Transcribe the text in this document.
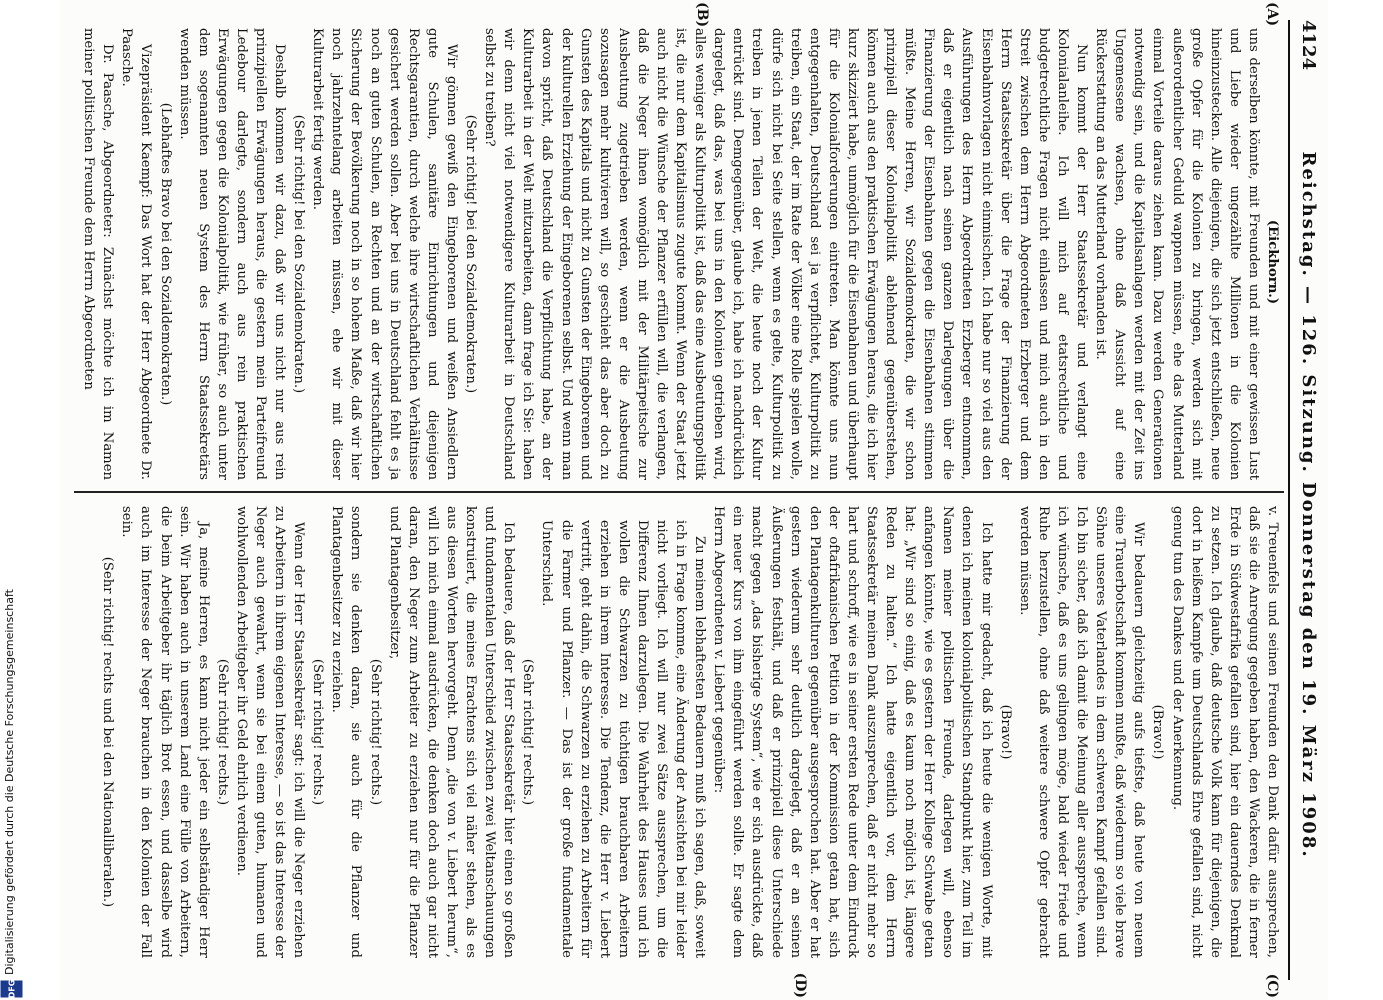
4124
Reichstag. — 126. Sitzung. Donnerstag den 19. März 1908.
(A)
(B)
(C)
(D)

(Eickhorn.)

uns derselben könnte, mit Freunden und mit einer gewissen Lust und Liebe wieder ungezählte Millionen in die Kolonien hineinzustecken. Alle diejenigen, die sich jetzt entschließen, neue große Opfer für die Kolonien zu bringen, werden sich mit außerordentlicher Geduld wappnen müssen, ehe das Mutterland einmal Vorteile daraus ziehen kann. Dazu werden Generationen notwendig sein, und die Kapitalsanlagen werden mit der Zeit ins Ungemessene wachsen, ohne daß Aussicht auf eine Rückerstattung an das Mutterland vorhanden ist.

Nun kommt der Herr Staatssekretär und verlangt eine Kolonialanleihe. Ich will mich auf etatsrechtliche und budgetrechtliche Fragen nicht einlassen und mich auch in den Streit zwischen dem Herrn Abgeordneten Erzberger und dem Herrn Staatssekretär über die Frage der Finanzierung der Eisenbahnvorlagen nicht einmischen. Ich habe nur so viel aus den Ausführungen des Herrn Abgeordneten Erzberger entnommen, daß er eigentlich nach seinen ganzen Darlegungen über die Finanzierung der Eisenbahnen gegen die Eisenbahnen stimmen müßte. Meine Herren, wir Sozialdemokraten, die wir schon prinzipiell dieser Kolonialpolitik ablehnend gegenüberstehen, können auch aus den praktischen Erwägungen heraus, die ich hier kurz skizziert habe, unmöglich für die Eisenbahnen und überhaupt für die Kolonialforderungen eintreten. Man könnte uns nun entgegenhalten, Deutschland sei ja verpflichtet, Kulturpolitik zu treiben, ein Staat, der im Rate der Völker eine Rolle spielen wolle, dürfe sich nicht bei Seite stellen, wenn es gelte, Kulturpolitik zu treiben in jenen Teilen der Welt, die heute noch der Kultur entrückt sind. Demgegenüber, glaube ich, habe ich nachdrücklich dargelegt, daß das, was bei uns in den Kolonien getrieben wird, alles weniger als Kulturpolitik ist, daß das eine Ausbeutungspolitik ist, die nur dem Kapitalismus zugute kommt. Wenn der Staat jetzt auch nicht die Wünsche der Pflanzer erfüllen will, die verlangen, daß die Neger ihnen womöglich mit der Militärpeitsche zur Ausbeutung zugetrieben werden, wenn er die Ausbeutung sozusagen mehr kultivieren will, so geschieht das aber doch zu Gunsten des Kapitals und nicht zu Gunsten der Eingeborenen und der kulturellen Erziehung der Eingeborenen selbst. Und wenn man davon spricht, daß Deutschland die Verpflichtung habe, an der Kulturarbeit in der Welt mitzuarbeiten, dann frage ich Sie: haben wir denn nicht viel notwendigere Kulturarbeit in Deutschland selbst zu treiben?

(Sehr richtig! bei den Sozialdemokraten.)

Wir gönnen gewiß den Eingeborenen und weißen Ansiedlern gute Schulen, sanitäre Einrichtungen und diejenigen Rechtsgarantien, durch welche ihre wirtschaftlichen Verhältnisse gesichert werden sollen. Aber bei uns in Deutschland fehlt es ja noch an guten Schulen, an Rechten und an der wirtschaftlichen Sicherung der Bevölkerung noch in so hohem Maße, daß wir hier noch jahrzehntelang arbeiten müssen, ehe wir mit dieser Kulturarbeit fertig werden.

(Sehr richtig! bei den Sozialdemokraten.)

Deshalb kommen wir dazu, daß wir uns nicht nur aus rein prinzipiellen Erwägungen heraus, die gestern mein Parteifreund Ledebour darlegte, sondern auch aus rein praktischen Erwägungen gegen die Kolonialpolitik, wie früher, so auch unter dem sogenannten neuen System des Herrn Staatssekretärs wenden müssen.

(Lebhaftes Bravo bei den Sozialdemokraten.)

Vizepräsident Kaempf: Das Wort hat der Herr Abgeordnete Dr. Paasche.

Dr. Paasche, Abgeordneter: Zunächst möchte ich im Namen meiner politischen Freunde dem Herrn Abgeordneten

v. Treuenfels und seinen Freunden den Dank dafür aussprechen, daß sie die Anregung gegeben haben, den Wackeren, die in ferner Erde in Südwestafrika gefallen sind, hier ein dauerndes Denkmal zu setzen. Ich glaube, daß deutsche Volk kann für diejenigen, die dort in heißem Kampfe um Deutschlands Ehre gefallen sind, nicht genug tun des Dankes und der Anerkennung.

(Bravo!)

Wir bedauern gleichzeitig aufs tiefste, daß heute von neuem eine Trauerbotschaft kommen mußte, daß wiederum so viele brave Söhne unseres Vaterlandes in dem schweren Kampf gefallen sind. Ich bin sicher, daß ich damit die Meinung aller ausspreche, wenn ich wünsche, daß es uns gelingen möge, bald wieder Friede und Ruhe herzustellen, ohne daß weitere schwere Opfer gebracht werden müssen.

(Bravo!)

Ich hatte mir gedacht, daß ich heute die wenigen Worte, mit denen ich meinen kolonialpolitischen Standpunkt hier, zum Teil im Namen meiner politischen Freunde, darlegen will, ebenso anfangen könnte, wie es gestern der Herr Kollege Schwabe getan hat: „Wir sind so einig, daß es kaum noch möglich ist, längere Reden zu halten.“ Ich hatte eigentlich vor, dem Herrn Staatssekretär meinen Dank auszusprechen, daß er nicht mehr so hart und schroff, wie es in seiner ersten Rede unter dem Eindruck der oftafrikanischen Petition in der Kommission getan hat, sich den Plantagenkulturen gegenüber ausgesprochen hat. Aber er hat gestern wiederum sehr deutlich dargelegt, daß er an seinen Äußerungen festhält, und daß er prinzipiell diese Unterschiede macht gegen „das bisherige System“, wie er sich ausdrückte, daß ein neuer Kurs von ihm eingeführt werden sollte. Er sagte dem Herrn Abgeordneten v. Liebert gegenüber:

Zu meinem lebhaftesten Bedauern muß ich sagen, daß, soweit ich in Frage komme, eine Änderung der Ansichten bei mir leider nicht vorliegt. Ich will nur zwei Sätze aussprechen, um die Differenz Ihnen darzulegen. Die Wahrheit des Hauses und ich wollen die Schwarzen zu tüchtigen brauchbaren Arbeitern erziehen in ihrem Interesse. Die Tendenz, die Herr v. Liebert vertritt, geht dahin, die Schwarzen zu erziehen zu Arbeitern für die Farmer und Pflanzer. — Das ist der große fundamentale Unterschied.

(Sehr richtig! rechts.)

Ich bedauere, daß der Herr Staatssekretär hier einen so großen und fundamentalen Unterschied zwischen zwei Weltanschauungen konstruiert, die meines Erachtens sich viel näher stehen, als es aus diesen Worten hervorgeht. Denn „die von v. Liebert herum“, will ich mich einmal ausdrücken, die denken doch auch gar nicht daran, den Neger zum Arbeiter zu erziehen nur für die Pflanzer und Plantagenbesitzer,

(Sehr richtig! rechts.)

sondern sie denken daran, sie auch für die Pflanzer und Plantagenbesitzer zu erziehen.

(Sehr richtig! rechts.)

Wenn der Herr Staatssekretär sagt: ich will die Neger erziehen zu Arbeitern in ihrem eigenen Interesse, — so ist das Interesse der Neger auch gewahrt, wenn sie bei einem guten, humanen und wohlwollenden Arbeitgeber ihr Geld ehrlich verdienen.

(Sehr richtig! rechts.)

Ja, meine Herren, es kann nicht jeder ein selbständiger Herr sein. Wir haben auch in unserem Land eine Fülle von Arbeitern, die beim Arbeitgeber ihr täglich Brot essen, und dasselbe wird auch im Interesse der Neger brauchen in den Kolonien der Fall sein.

(Sehr richtig! rechts und bei den Nationalliberalen.)

Digitalisierung gefördert durch die Deutsche Forschungsgemeinschaft
DFG
